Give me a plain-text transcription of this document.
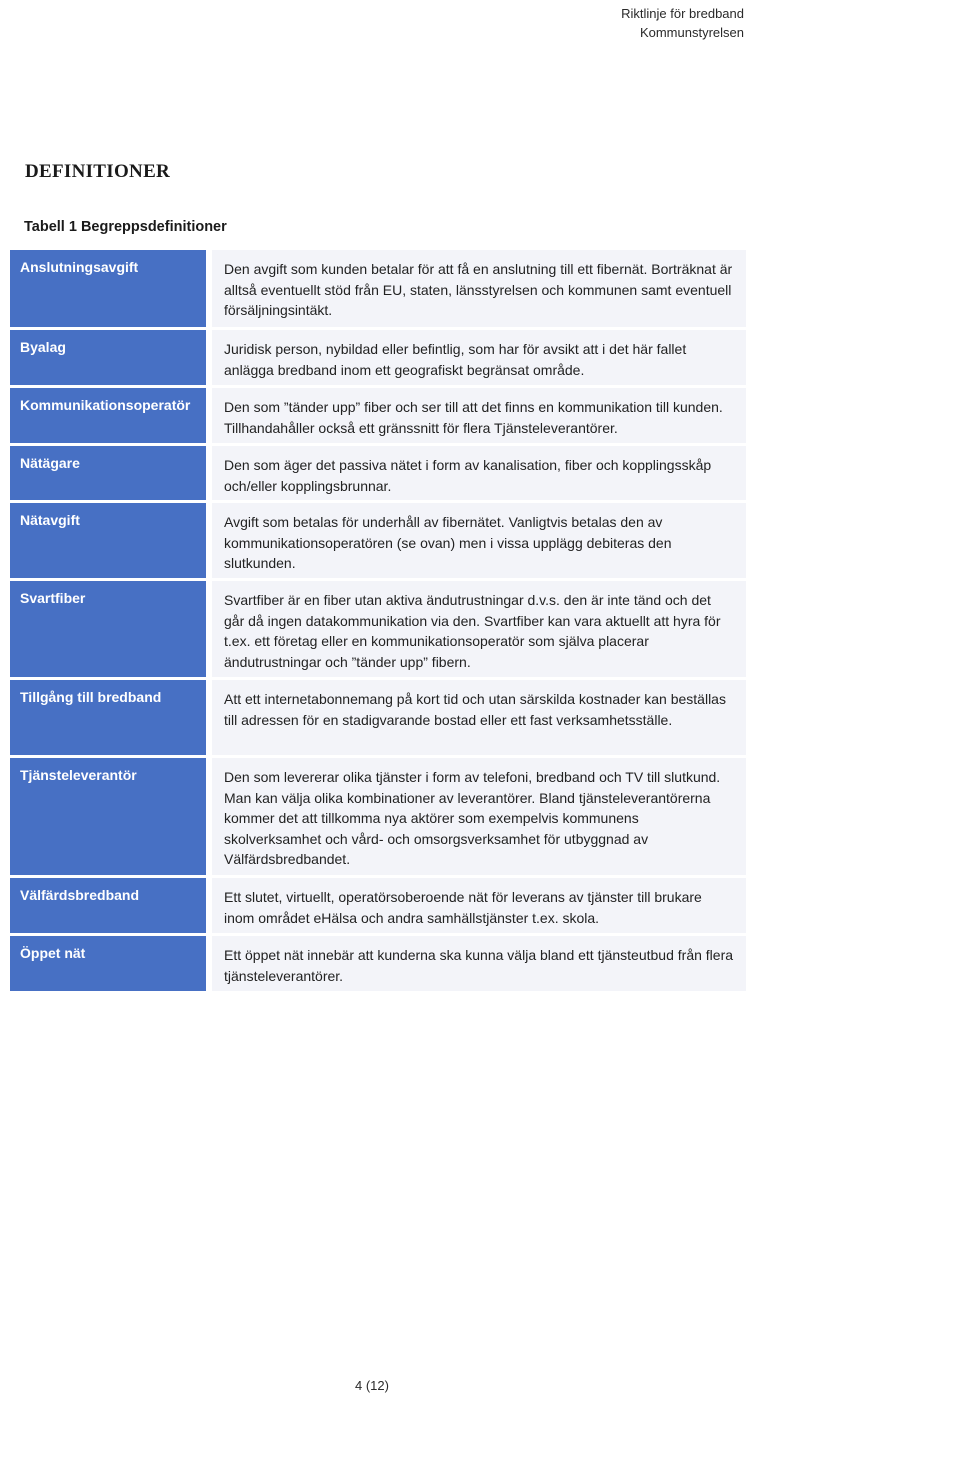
Riktlinje för bredband
Kommunstyrelsen
DEFINITIONER
Tabell 1 Begreppsdefinitioner
Anslutningsavgift	Den avgift som kunden betalar för att få en anslutning till ett fibernät. Borträknat är alltså eventuellt stöd från EU, staten, länsstyrelsen och kommunen samt eventuell försäljningsintäkt.
Byalag	Juridisk person, nybildad eller befintlig, som har för avsikt att i det här fallet anlägga bredband inom ett geografiskt begränsat område.
Kommunikationsoperatör	Den som ”tänder upp” fiber och ser till att det finns en kommunikation till kunden. Tillhandahåller också ett gränssnitt för flera Tjänsteleverantörer.
Nätägare	Den som äger det passiva nätet i form av kanalisation, fiber och kopplingsskåp och/eller kopplingsbrunnar.
Nätavgift	Avgift som betalas för underhåll av fibernätet. Vanligtvis betalas den av kommunikationsoperatören (se ovan) men i vissa upplägg debiteras den slutkunden.
Svartfiber	Svartfiber är en fiber utan aktiva ändutrustningar d.v.s. den är inte tänd och det går då ingen datakommunikation via den. Svartfiber kan vara aktuellt att hyra för t.ex. ett företag eller en kommunikationsoperatör som själva placerar ändutrustningar och ”tänder upp” fibern.
Tillgång till bredband	Att ett internetabonnemang på kort tid och utan särskilda kostnader kan beställas till adressen för en stadigvarande bostad eller ett fast verksamhetsställe.
Tjänsteleverantör	Den som levererar olika tjänster i form av telefoni, bredband och TV till slutkund. Man kan välja olika kombinationer av leverantörer. Bland tjänsteleverantörerna kommer det att tillkomma nya aktörer som exempelvis kommunens skolverksamhet och vård- och omsorgsverksamhet för utbyggnad av Välfärdsbredbandet.
Välfärdsbredband	Ett slutet, virtuellt, operatörsoberoende nät för leverans av tjänster till brukare inom området eHälsa och andra samhällstjänster t.ex. skola.
Öppet nät	Ett öppet nät innebär att kunderna ska kunna välja bland ett tjänsteutbud från flera tjänsteleverantörer.
4 (12)
